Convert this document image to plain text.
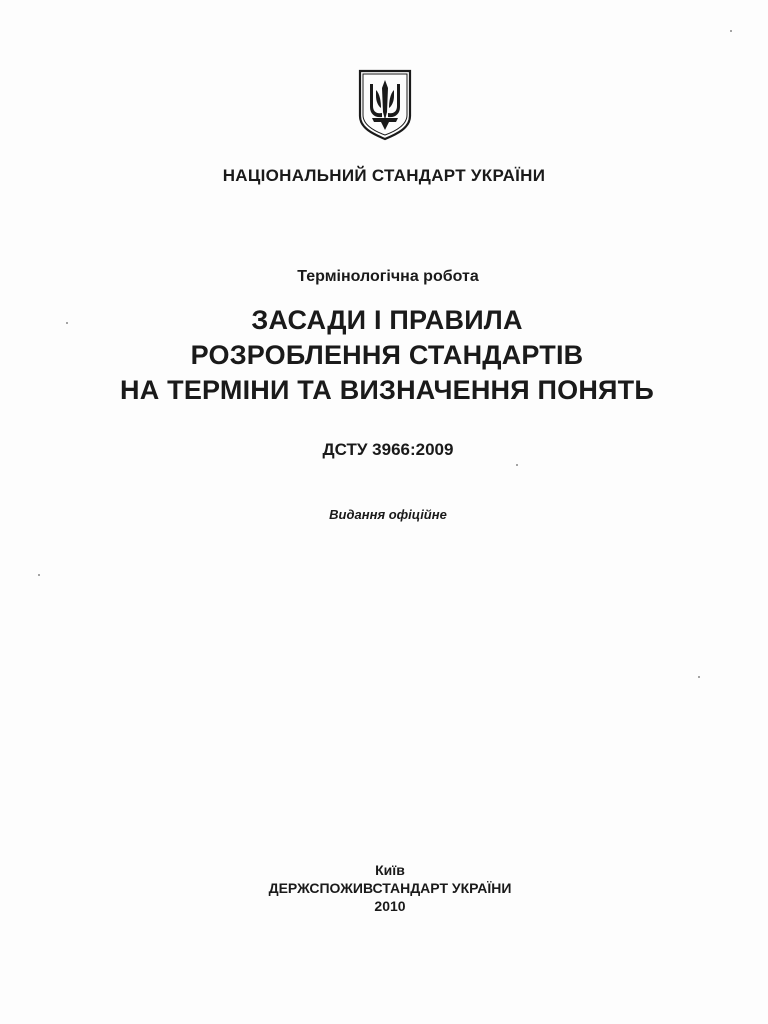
НАЦІОНАЛЬНИЙ СТАНДАРТ УКРАЇНИ
Термінологічна робота
ЗАСАДИ І ПРАВИЛА
РОЗРОБЛЕННЯ СТАНДАРТІВ
НА ТЕРМІНИ ТА ВИЗНАЧЕННЯ ПОНЯТЬ
ДСТУ 3966:2009
Видання офіційне
Київ
ДЕРЖСПОЖИВСТАНДАРТ УКРАЇНИ
2010
